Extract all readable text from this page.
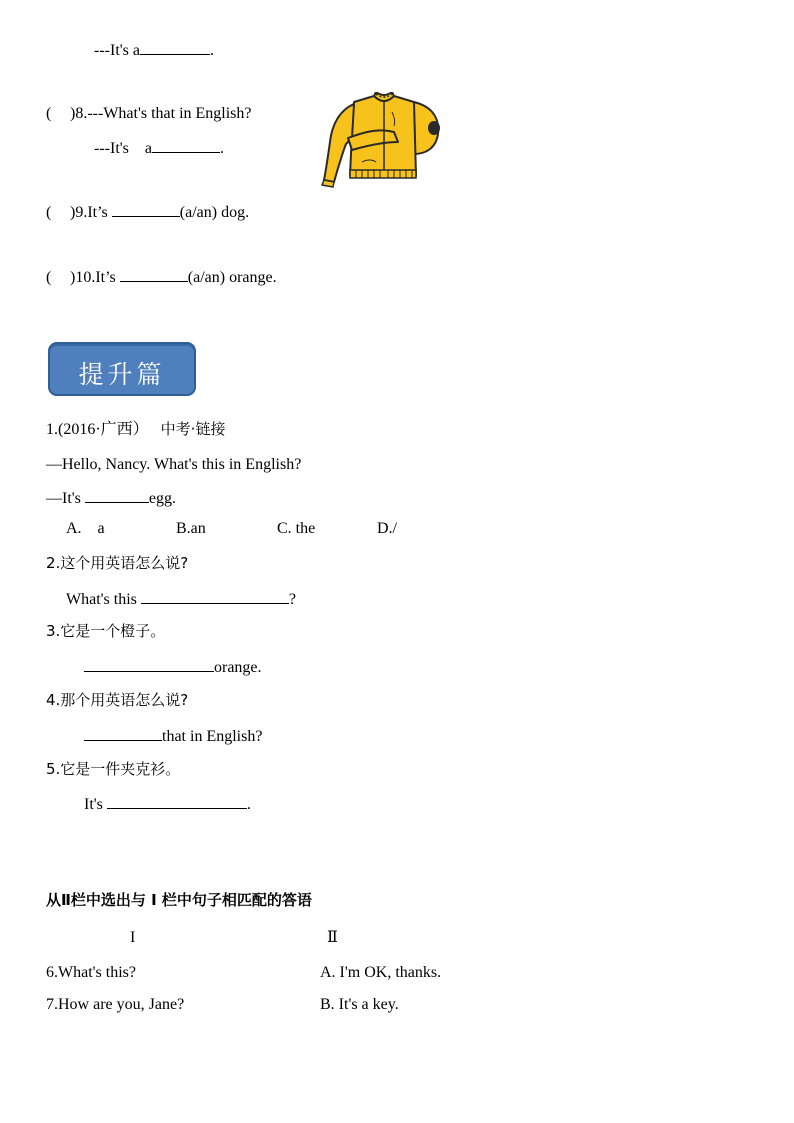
---It's a	.
( )8.---What's that in English?
---It's    a	.
( )9.It’s	(a/an) dog.
( )10.It’s	(a/an) orange.
提升篇
1.(2016·广西） 中考·链接
—Hello, Nancy. What's this in English?
—It's	egg.
A.    a	B.an	C. the	D./
2.这个用英语怎么说?
What's this	?
3.它是一个橙子。
orange.
4.那个用英语怎么说?
that in English?
5.它是一件夹克衫。
It's	.
从Ⅱ栏中选出与 I 栏中句子相匹配的答语
I	Ⅱ
6.What's this?	A. I'm OK, thanks.
7.How are you, Jane?	B. It's a key.
